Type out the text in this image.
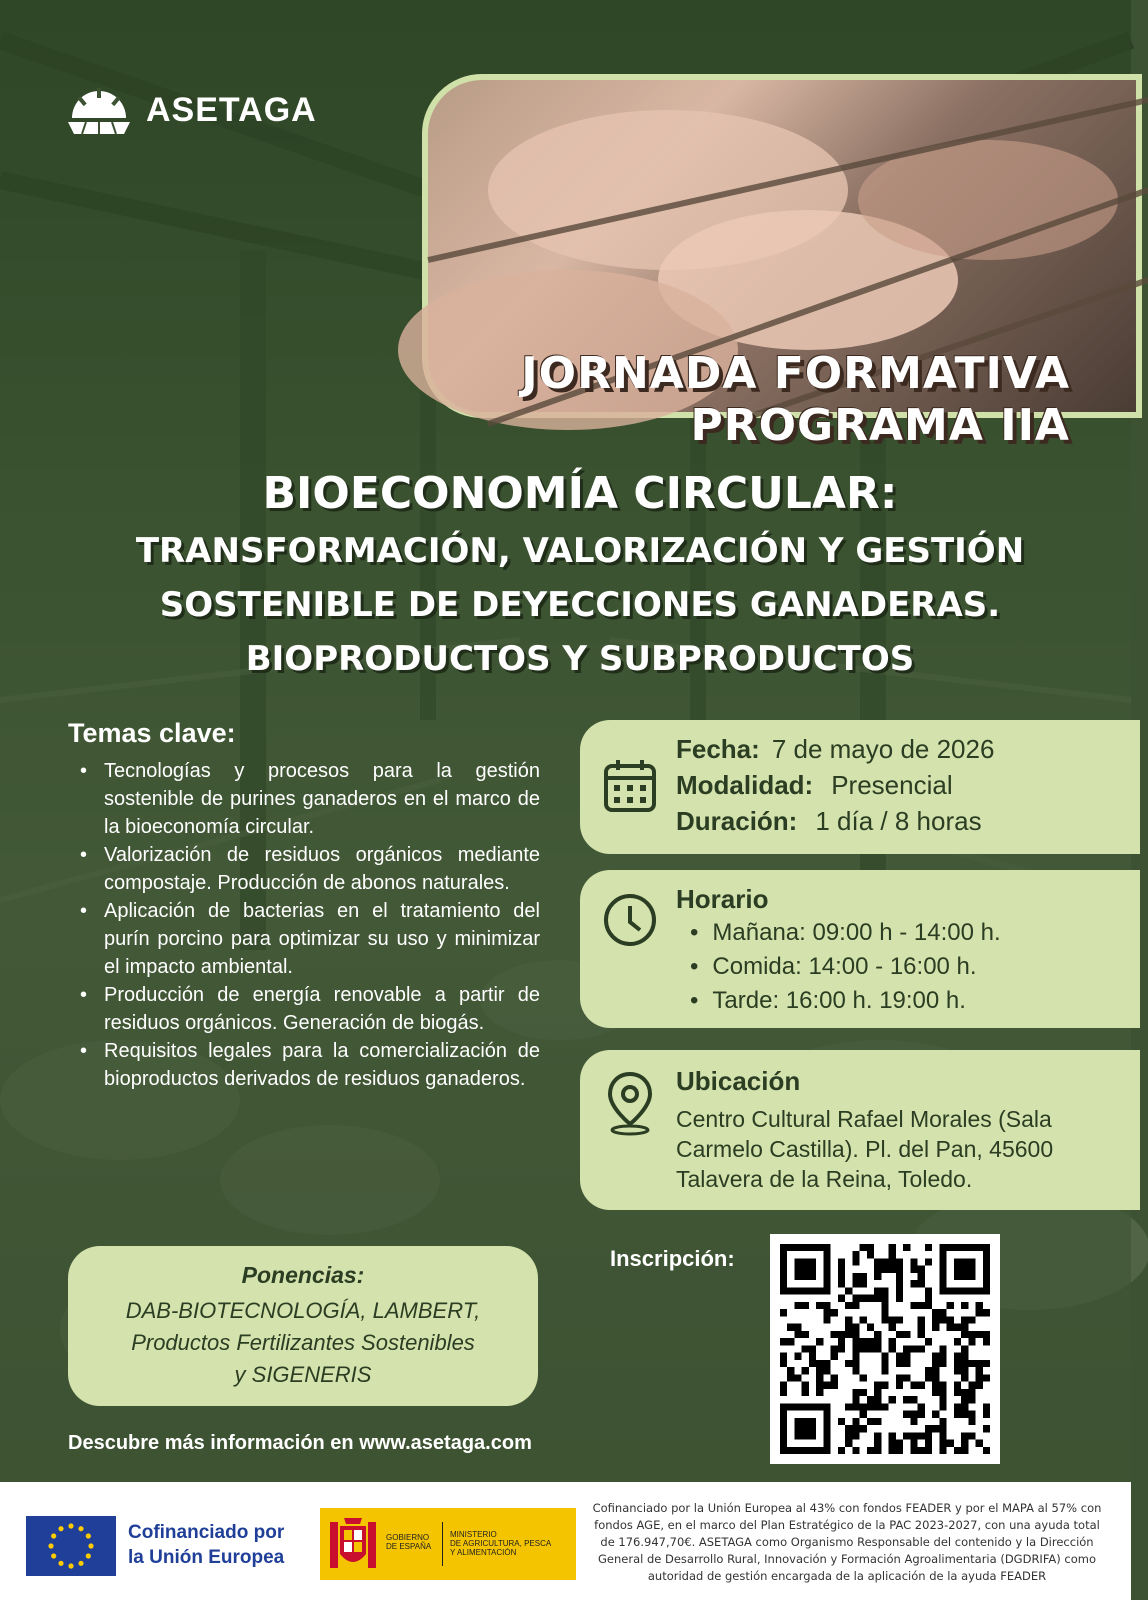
ASETAGA
JORNADA FORMATIVA
PROGRAMA IIA
BIOECONOMÍA CIRCULAR:
TRANSFORMACIÓN, VALORIZACIÓN Y GESTIÓN
SOSTENIBLE DE DEYECCIONES GANADERAS.
BIOPRODUCTOS Y SUBPRODUCTOS
Temas clave:
• Tecnologías y procesos para la gestión sostenible de purines ganaderos en el marco de la bioeconomía circular.
• Valorización de residuos orgánicos mediante compostaje. Producción de abonos naturales.
• Aplicación de bacterias en el tratamiento del purín porcino para optimizar su uso y minimizar el impacto ambiental.
• Producción de energía renovable a partir de residuos orgánicos. Generación de biogás.
• Requisitos legales para la comercialización de bioproductos derivados de residuos ganaderos.
Fecha: 7 de mayo de 2026
Modalidad: Presencial
Duración: 1 día / 8 horas
Horario
• Mañana: 09:00 h - 14:00 h.
• Comida: 14:00 - 16:00 h.
• Tarde: 16:00 h. 19:00 h.
Ubicación
Centro Cultural Rafael Morales (Sala
Carmelo Castilla). Pl. del Pan, 45600
Talavera de la Reina, Toledo.
Ponencias:
DAB-BIOTECNOLOGÍA, LAMBERT,
Productos Fertilizantes Sostenibles
y SIGENERIS
Descubre más información en www.asetaga.com
Inscripción:
Cofinanciado por
la Unión Europea
GOBIERNO
DE ESPAÑA
MINISTERIO
DE AGRICULTURA, PESCA
Y ALIMENTACIÓN
Cofinanciado por la Unión Europea al 43% con fondos FEADER y por el MAPA al 57% con
fondos AGE, en el marco del Plan Estratégico de la PAC 2023-2027, con una ayuda total
de 176.947,70€. ASETAGA como Organismo Responsable del contenido y la Dirección
General de Desarrollo Rural, Innovación y Formación Agroalimentaria (DGDRIFA) como
autoridad de gestión encargada de la aplicación de la ayuda FEADER
